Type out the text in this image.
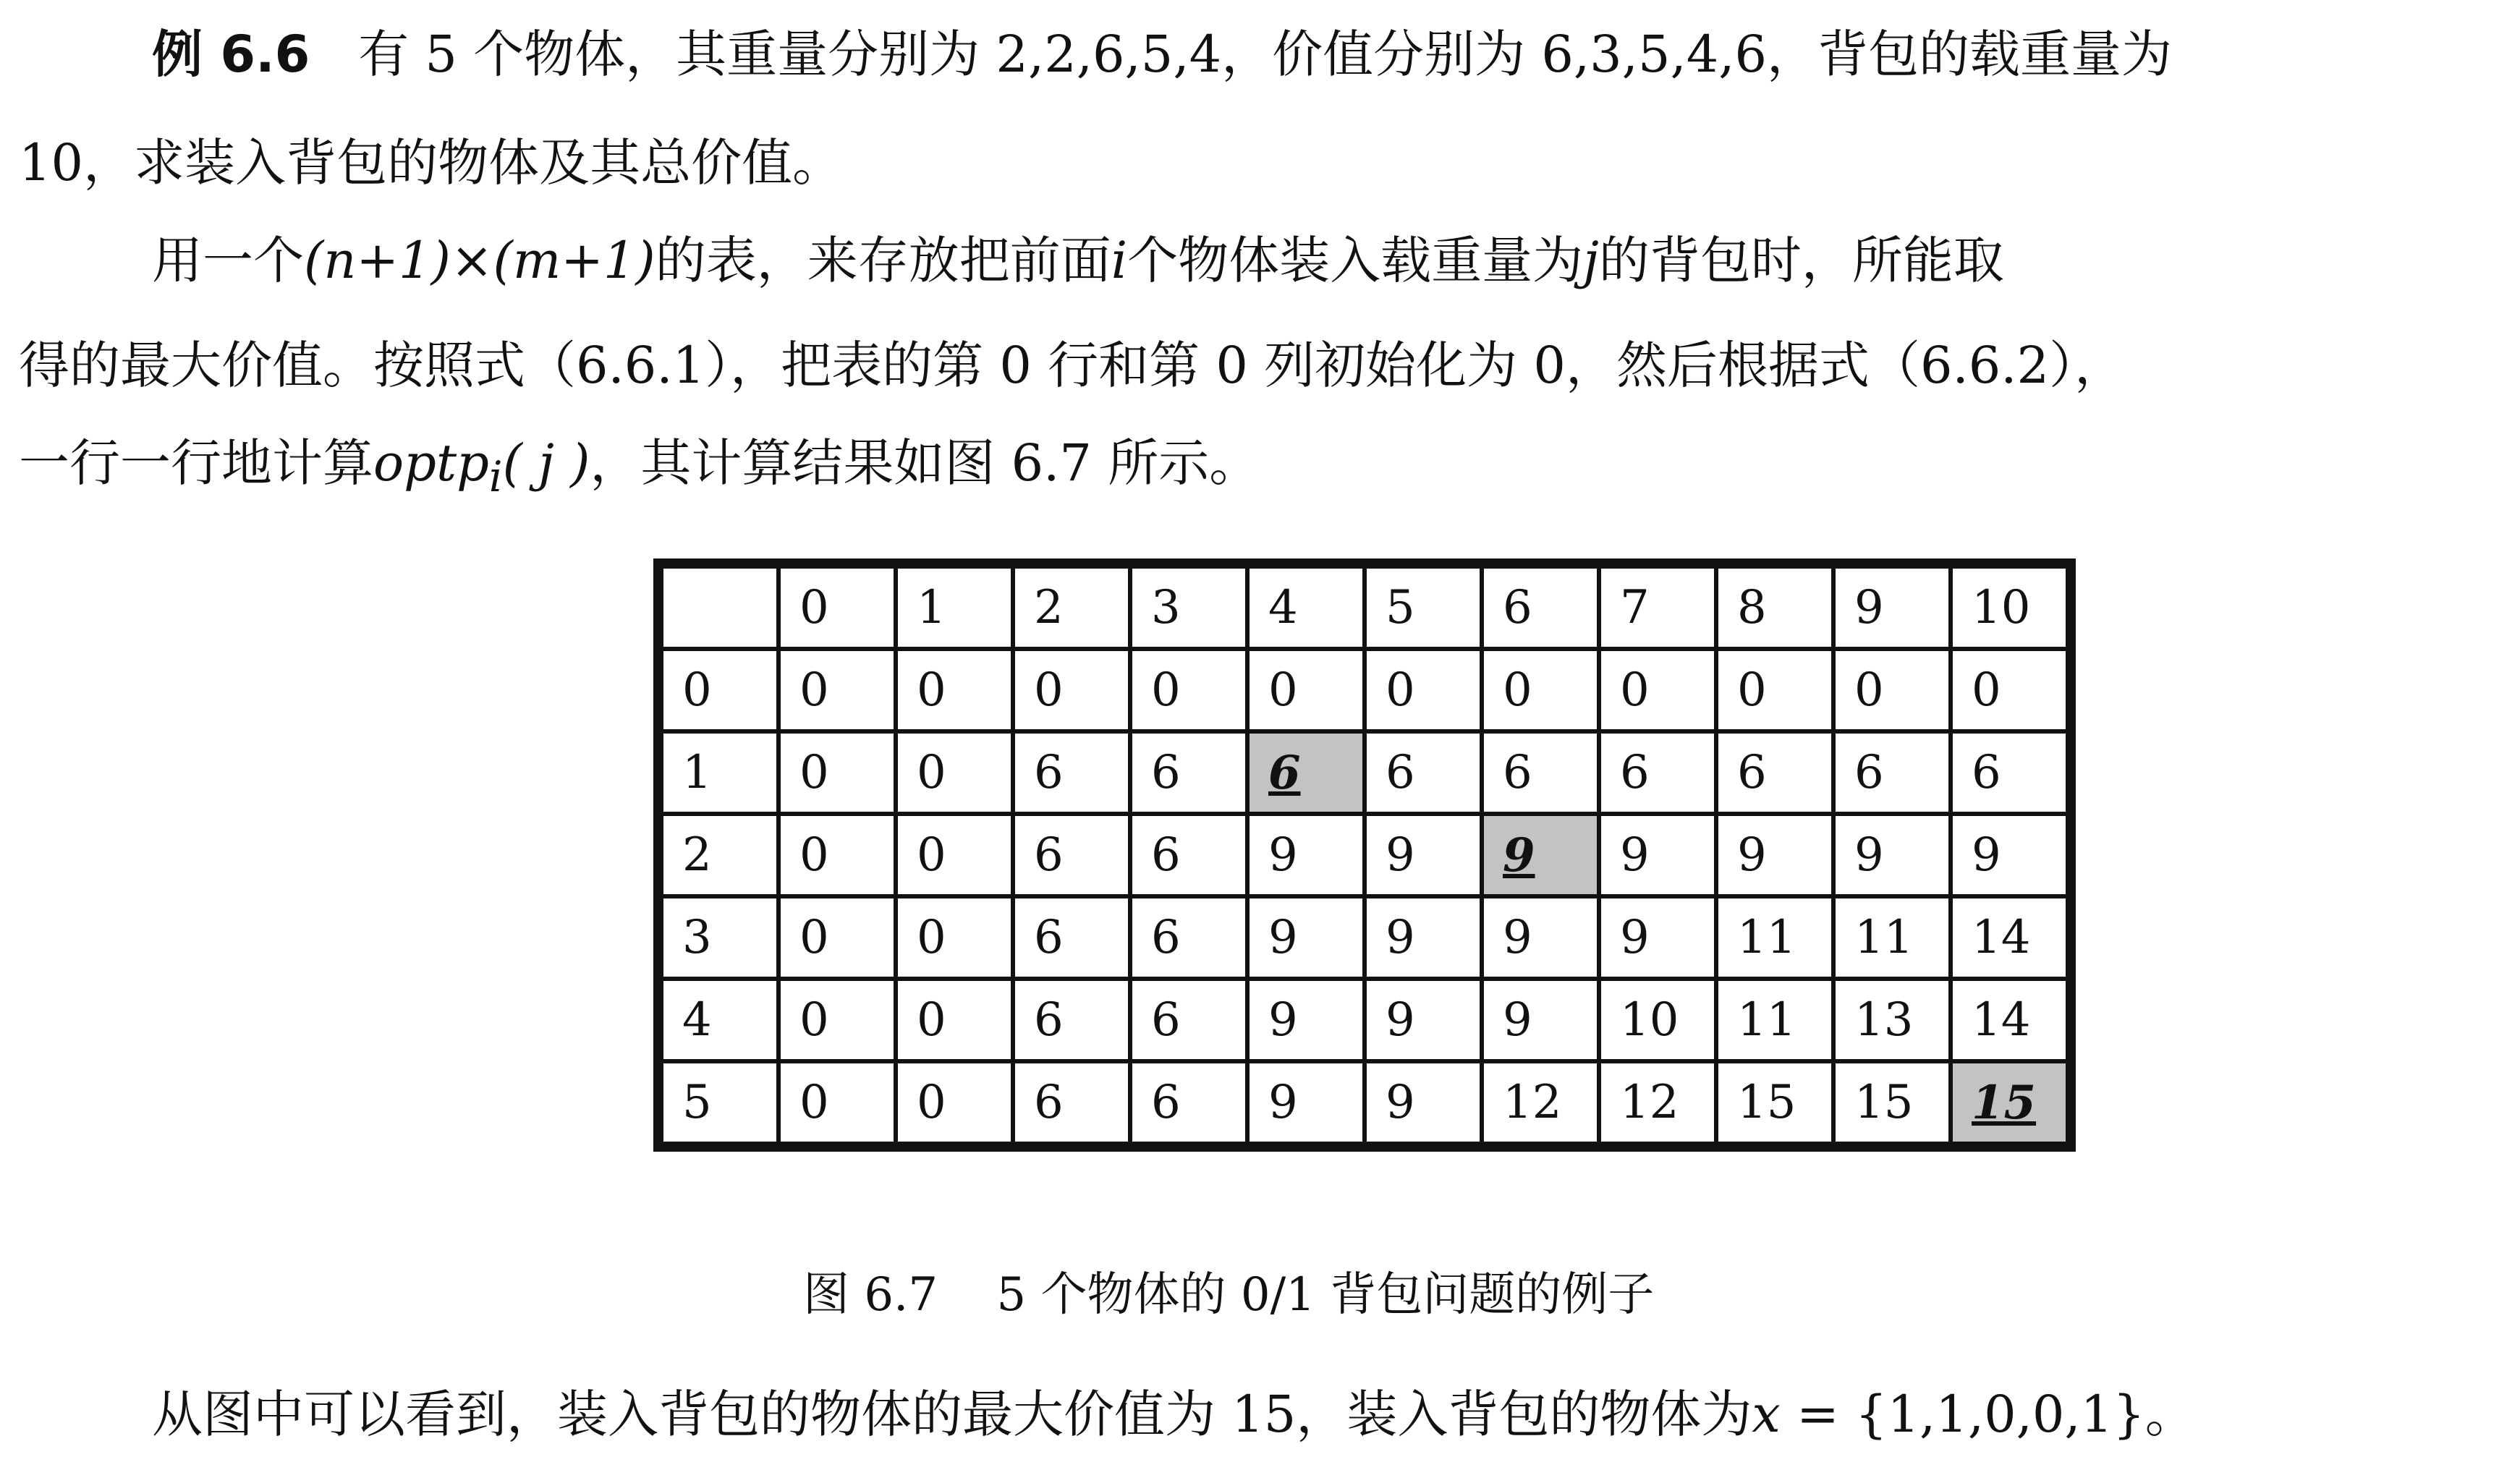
例 6.6 有 5 个物体，其重量分别为 2,2,6,5,4，价值分别为 6,3,5,4,6，背包的载重量为
10，求装入背包的物体及其总价值。
用一个(n+1)×(m+1)的表，来存放把前面i个物体装入载重量为j的背包时，所能取
得的最大价值。按照式（6.6.1），把表的第 0 行和第 0 列初始化为 0，然后根据式（6.6.2），
一行一行地计算optp$_i$( j )，其计算结果如图 6.7 所示。
	0	1	2	3	4	5	6	7	8	9	10
0	0	0	0	0	0	0	0	0	0	0	0
1	0	0	6	6	6	6	6	6	6	6	6
2	0	0	6	6	9	9	9	9	9	9	9
3	0	0	6	6	9	9	9	9	11	11	14
4	0	0	6	6	9	9	9	10	11	13	14
5	0	0	6	6	9	9	12	12	15	15	15
图 6.7    5 个物体的 0/1 背包问题的例子
从图中可以看到，装入背包的物体的最大价值为 15，装入背包的物体为x = {1,1,0,0,1}。
